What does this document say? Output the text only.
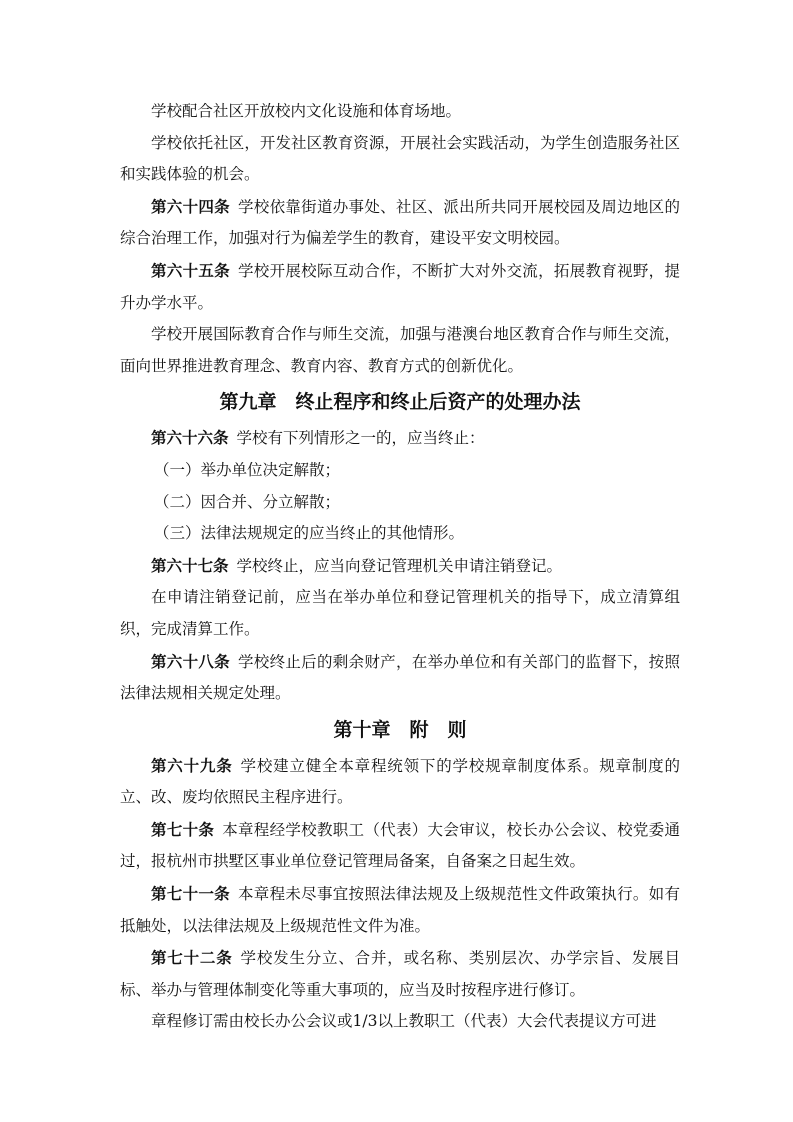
学校配合社区开放校内文化设施和体育场地。

学校依托社区，开发社区教育资源，开展社会实践活动，为学生创造服务社区和实践体验的机会。

第六十四条 学校依靠街道办事处、社区、派出所共同开展校园及周边地区的综合治理工作，加强对行为偏差学生的教育，建设平安文明校园。

第六十五条 学校开展校际互动合作，不断扩大对外交流，拓展教育视野，提升办学水平。

学校开展国际教育合作与师生交流，加强与港澳台地区教育合作与师生交流，面向世界推进教育理念、教育内容、教育方式的创新优化。

第九章　终止程序和终止后资产的处理办法

第六十六条 学校有下列情形之一的，应当终止：

（一）举办单位决定解散；

（二）因合并、分立解散；

（三）法律法规规定的应当终止的其他情形。

第六十七条 学校终止，应当向登记管理机关申请注销登记。

在申请注销登记前，应当在举办单位和登记管理机关的指导下，成立清算组织，完成清算工作。

第六十八条 学校终止后的剩余财产，在举办单位和有关部门的监督下，按照法律法规相关规定处理。

第十章　附　则

第六十九条 学校建立健全本章程统领下的学校规章制度体系。规章制度的立、改、废均依照民主程序进行。

第七十条 本章程经学校教职工（代表）大会审议，校长办公会议、校党委通过，报杭州市拱墅区事业单位登记管理局备案，自备案之日起生效。

第七十一条 本章程未尽事宜按照法律法规及上级规范性文件政策执行。如有抵触处，以法律法规及上级规范性文件为准。

第七十二条 学校发生分立、合并，或名称、类别层次、办学宗旨、发展目标、举办与管理体制变化等重大事项的，应当及时按程序进行修订。

章程修订需由校长办公会议或1/3以上教职工（代表）大会代表提议方可进
